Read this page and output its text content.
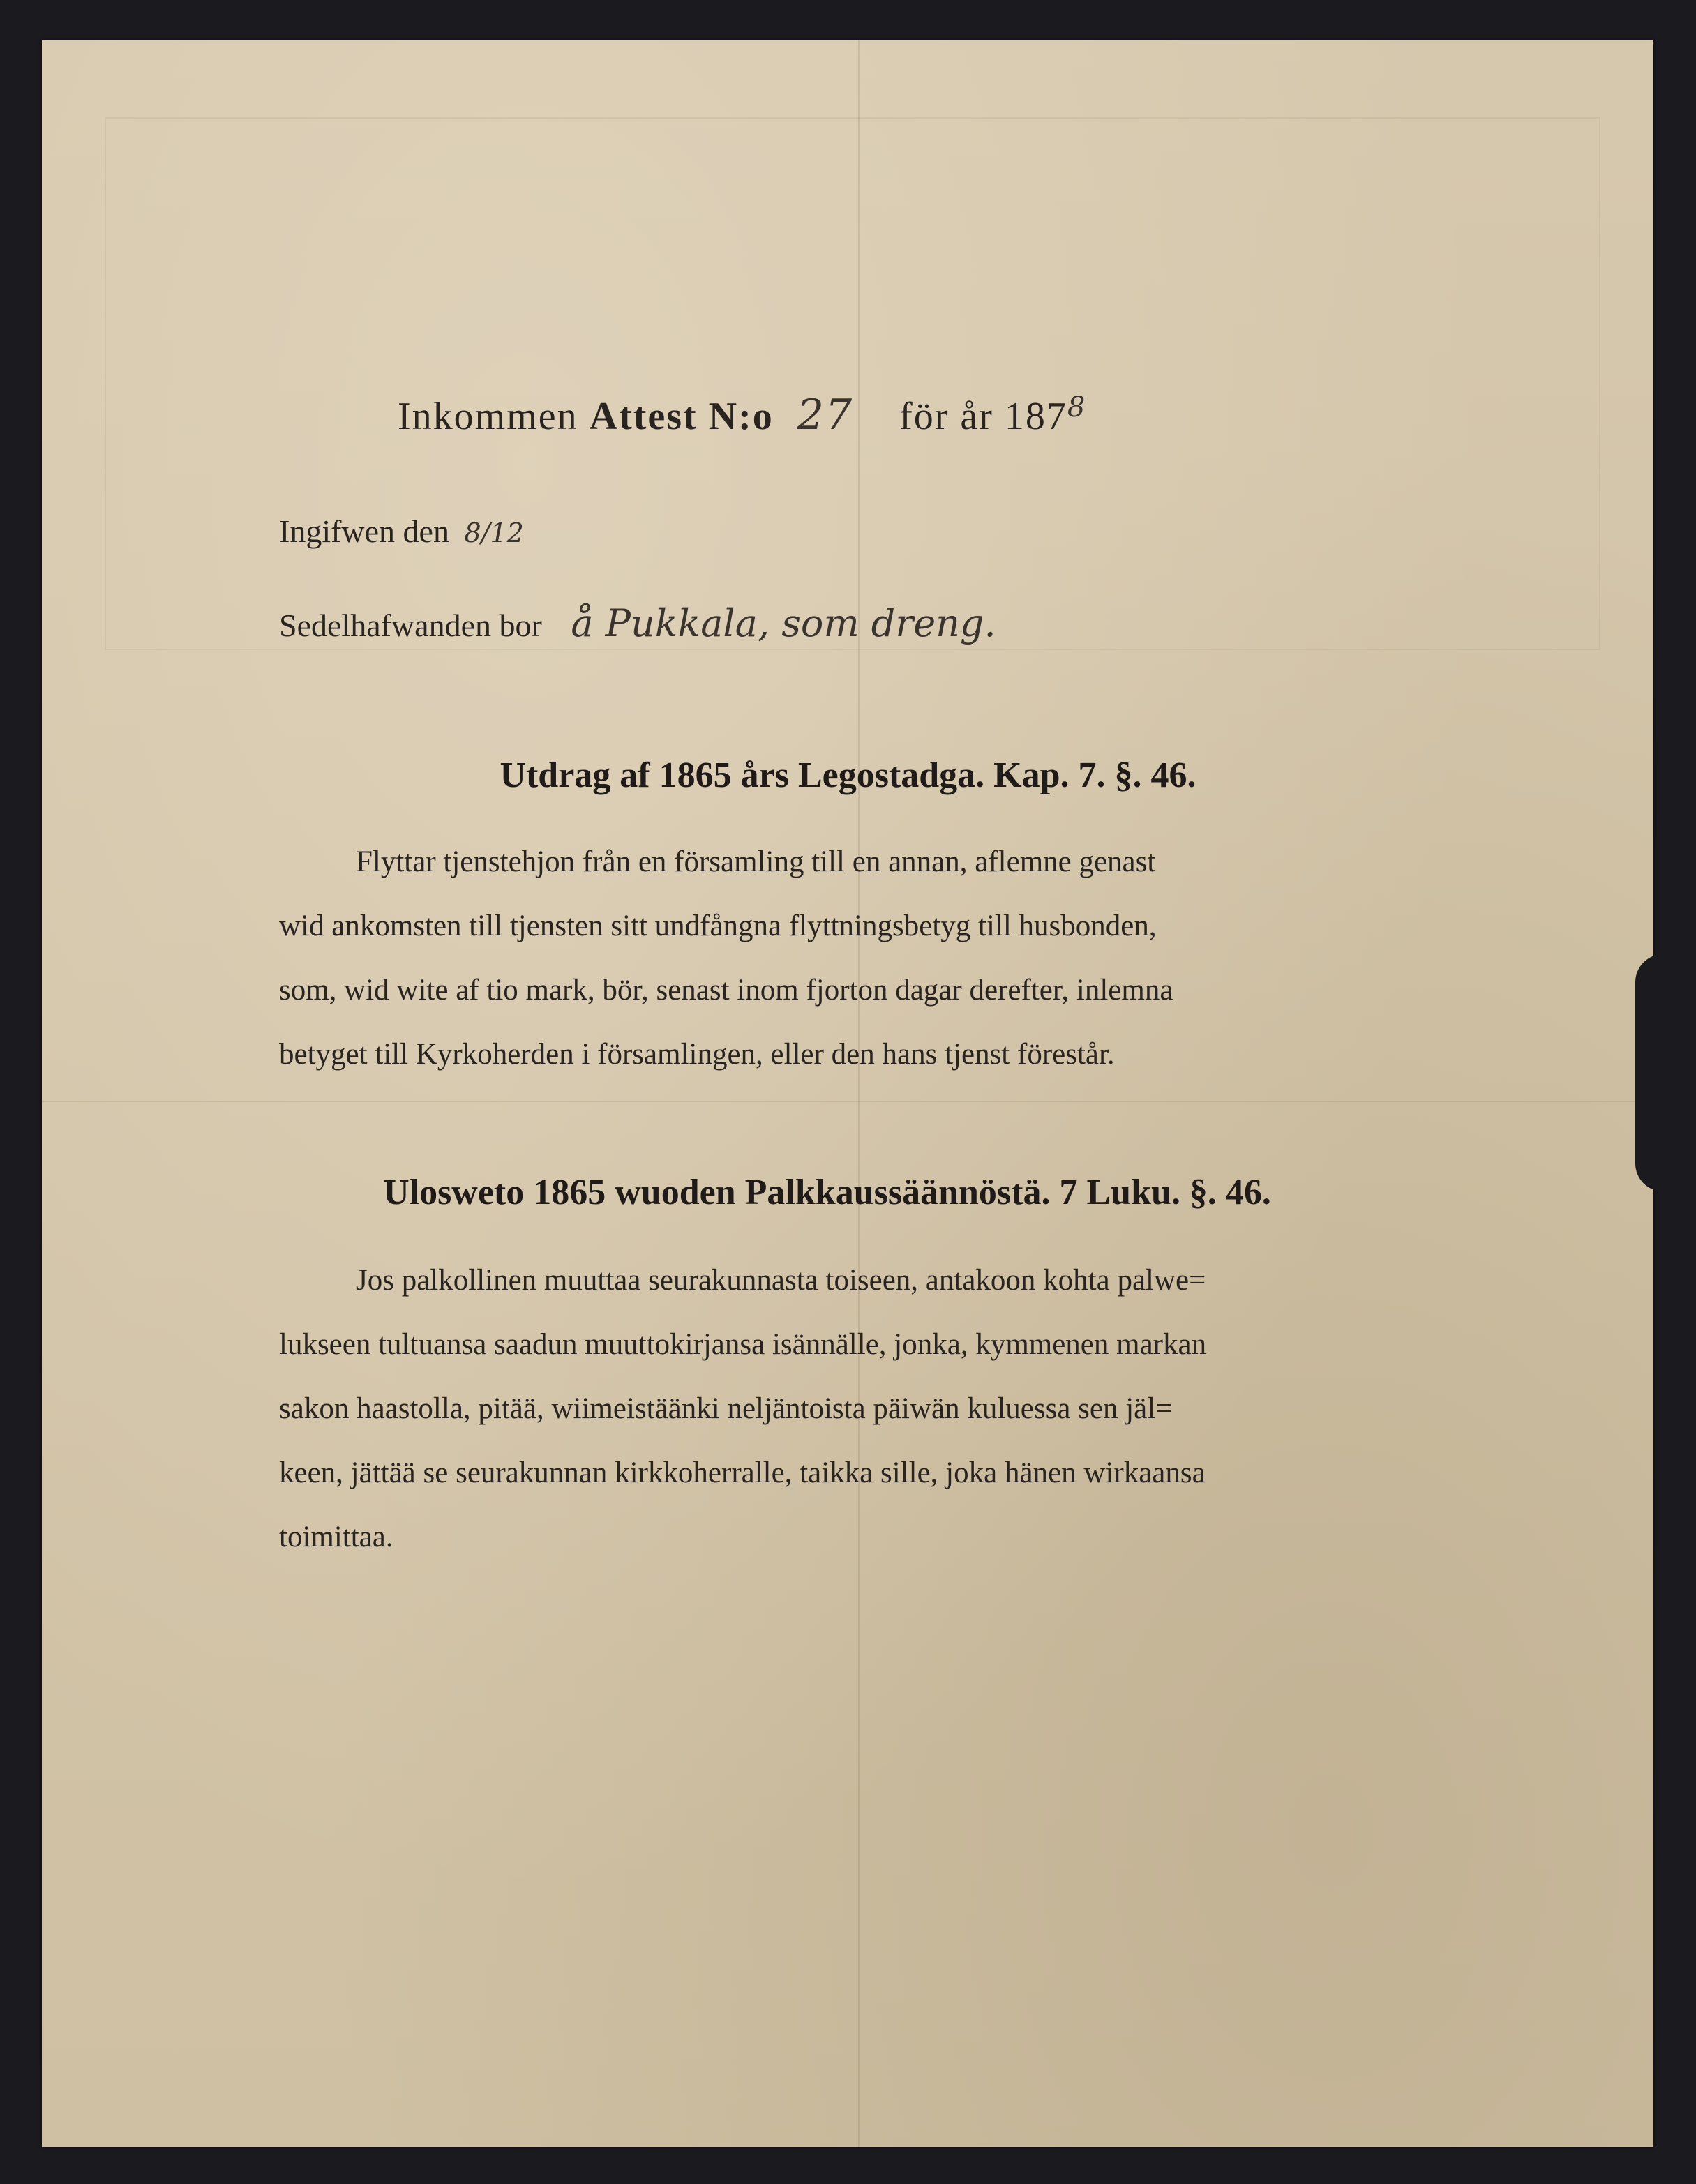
Inkommen Attest N:o 27 för år $187^8$
Ingifwen den 8/12
Sedelhafwanden bor å Pukkala, som dreng.
Utdrag af 1865 års Legostadga. Kap. 7. §. 46.
Flyttar tjenstehjon från en församling till en annan, aflemne genast
wid ankomsten till tjensten sitt undfångna flyttningsbetyg till husbonden,
som, wid wite af tio mark, bör, senast inom fjorton dagar derefter, inlemna
betyget till Kyrkoherden i församlingen, eller den hans tjenst förestår.
Ulosweto 1865 wuoden Palkkaussäännöstä. 7 Luku. §. 46.
Jos palkollinen muuttaa seurakunnasta toiseen, antakoon kohta palwe=
lukseen tultuansa saadun muuttokirjansa isännälle, jonka, kymmenen markan
sakon haastolla, pitää, wiimeistäänki neljäntoista päiwän kuluessa sen jäl=
keen, jättää se seurakunnan kirkkoherralle, taikka sille, joka hänen wirkaansa
toimittaa.
